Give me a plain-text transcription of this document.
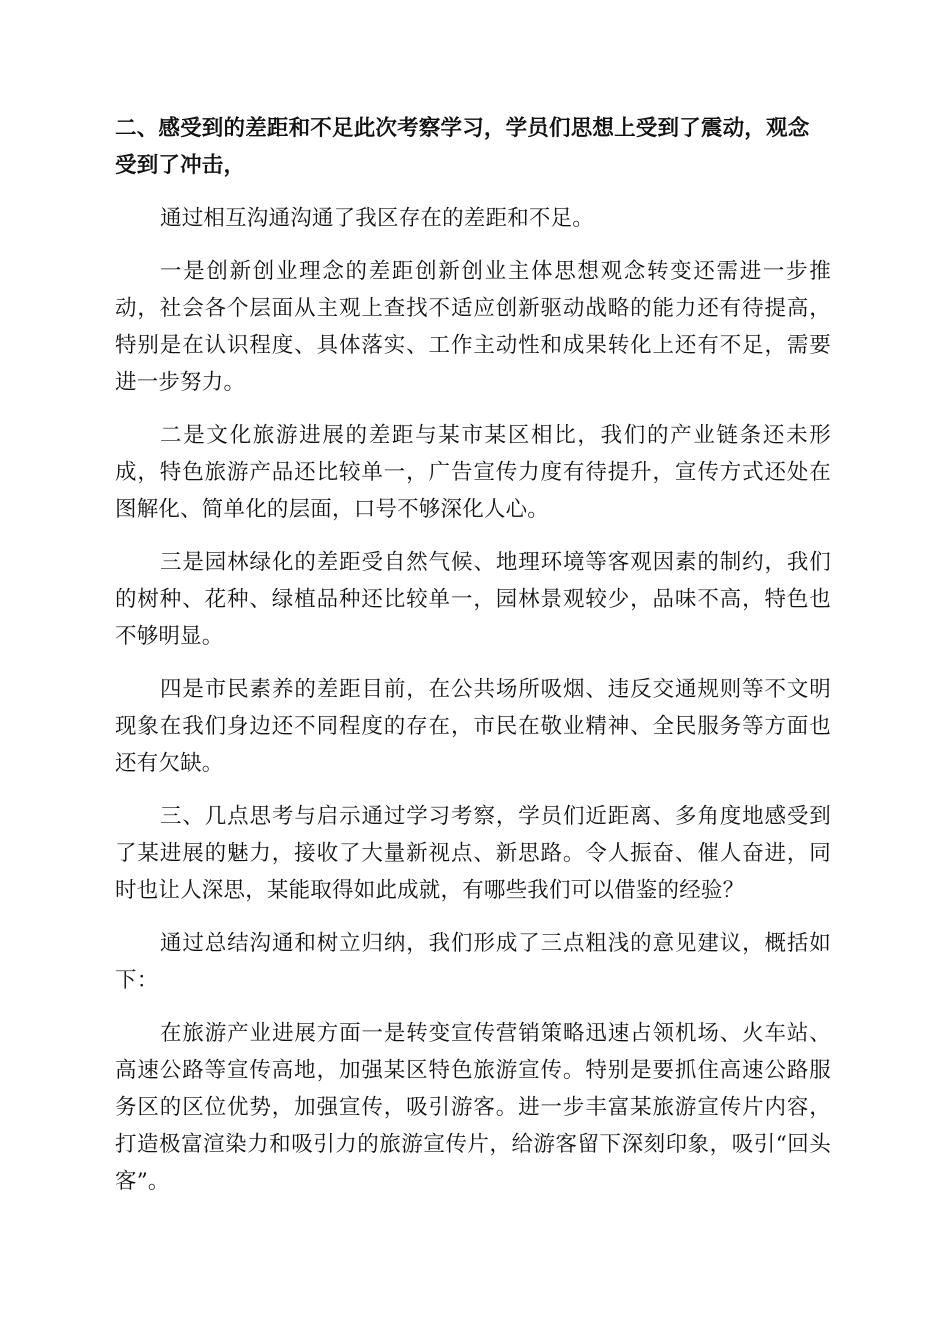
二、感受到的差距和不足此次考察学习，学员们思想上受到了震动，观念受到了冲击，

通过相互沟通沟通了我区存在的差距和不足。

一是创新创业理念的差距创新创业主体思想观念转变还需进一步推动，社会各个层面从主观上查找不适应创新驱动战略的能力还有待提高，特别是在认识程度、具体落实、工作主动性和成果转化上还有不足，需要进一步努力。

二是文化旅游进展的差距与某市某区相比，我们的产业链条还未形成，特色旅游产品还比较单一，广告宣传力度有待提升，宣传方式还处在图解化、简单化的层面，口号不够深化人心。

三是园林绿化的差距受自然气候、地理环境等客观因素的制约，我们的树种、花种、绿植品种还比较单一，园林景观较少，品味不高，特色也不够明显。

四是市民素养的差距目前，在公共场所吸烟、违反交通规则等不文明现象在我们身边还不同程度的存在，市民在敬业精神、全民服务等方面也还有欠缺。

三、几点思考与启示通过学习考察，学员们近距离、多角度地感受到了某进展的魅力，接收了大量新视点、新思路。令人振奋、催人奋进，同时也让人深思，某能取得如此成就，有哪些我们可以借鉴的经验？

通过总结沟通和树立归纳，我们形成了三点粗浅的意见建议，概括如下：

在旅游产业进展方面一是转变宣传营销策略迅速占领机场、火车站、高速公路等宣传高地，加强某区特色旅游宣传。特别是要抓住高速公路服务区的区位优势，加强宣传，吸引游客。进一步丰富某旅游宣传片内容，打造极富渲染力和吸引力的旅游宣传片，给游客留下深刻印象，吸引“回头客”。
